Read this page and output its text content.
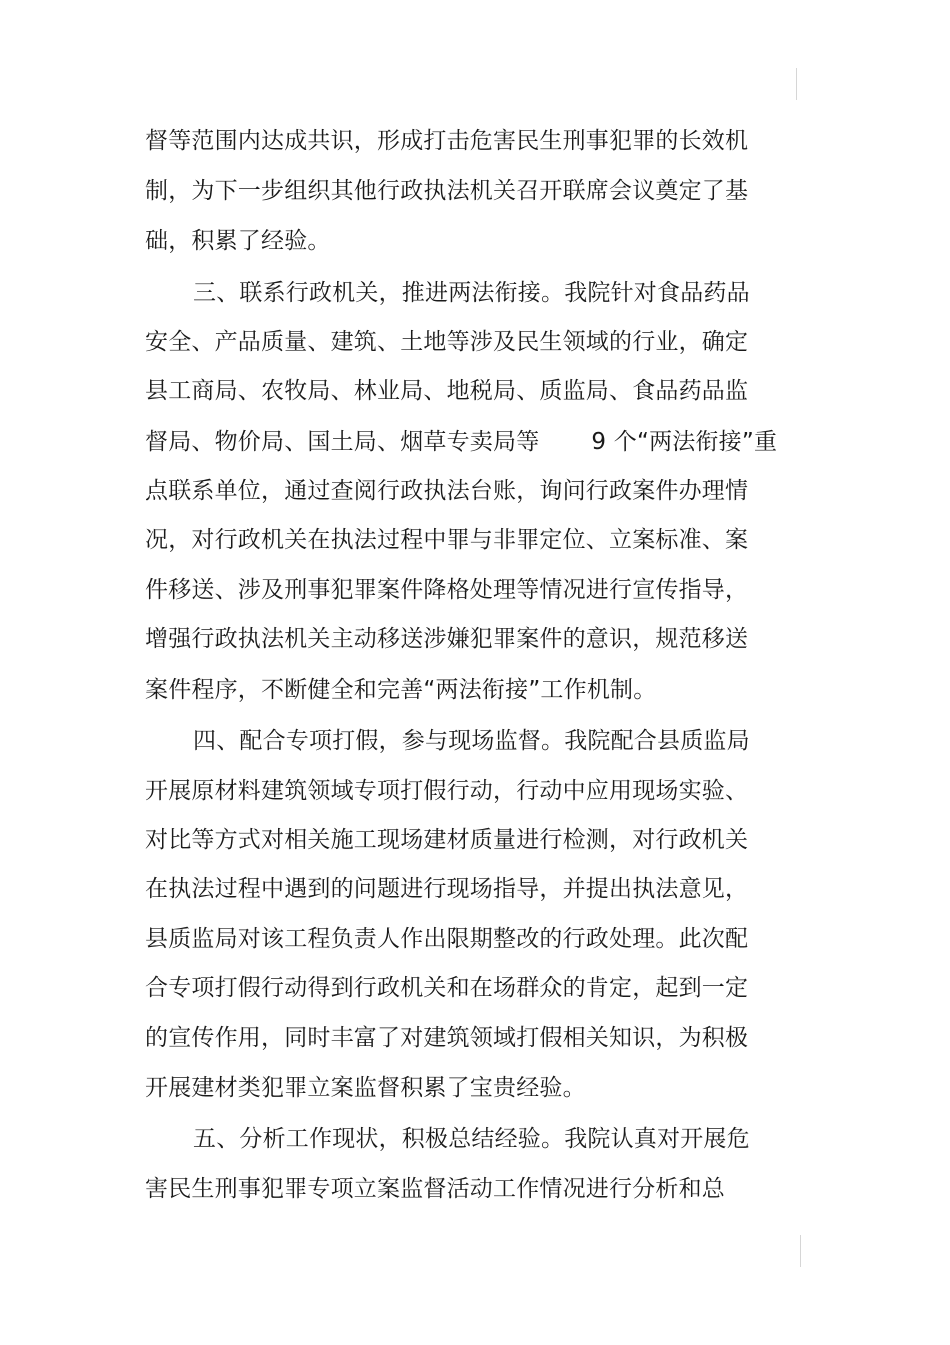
督等范围内达成共识，形成打击危害民生刑事犯罪的长效机
制，为下一步组织其他行政执法机关召开联席会议奠定了基
础，积累了经验。
三、联系行政机关，推进两法衔接。我院针对食品药品
安全、产品质量、建筑、土地等涉及民生领域的行业，确定
县工商局、农牧局、林业局、地税局、质监局、食品药品监
督局、物价局、国土局、烟草专卖局等 9 个“两法衔接”重
点联系单位，通过查阅行政执法台账，询问行政案件办理情
况，对行政机关在执法过程中罪与非罪定位、立案标准、案
件移送、涉及刑事犯罪案件降格处理等情况进行宣传指导，
增强行政执法机关主动移送涉嫌犯罪案件的意识，规范移送
案件程序，不断健全和完善“两法衔接”工作机制。
四、配合专项打假，参与现场监督。我院配合县质监局
开展原材料建筑领域专项打假行动，行动中应用现场实验、
对比等方式对相关施工现场建材质量进行检测，对行政机关
在执法过程中遇到的问题进行现场指导，并提出执法意见，
县质监局对该工程负责人作出限期整改的行政处理。此次配
合专项打假行动得到行政机关和在场群众的肯定，起到一定
的宣传作用，同时丰富了对建筑领域打假相关知识，为积极
开展建材类犯罪立案监督积累了宝贵经验。
五、分析工作现状，积极总结经验。我院认真对开展危
害民生刑事犯罪专项立案监督活动工作情况进行分析和总
